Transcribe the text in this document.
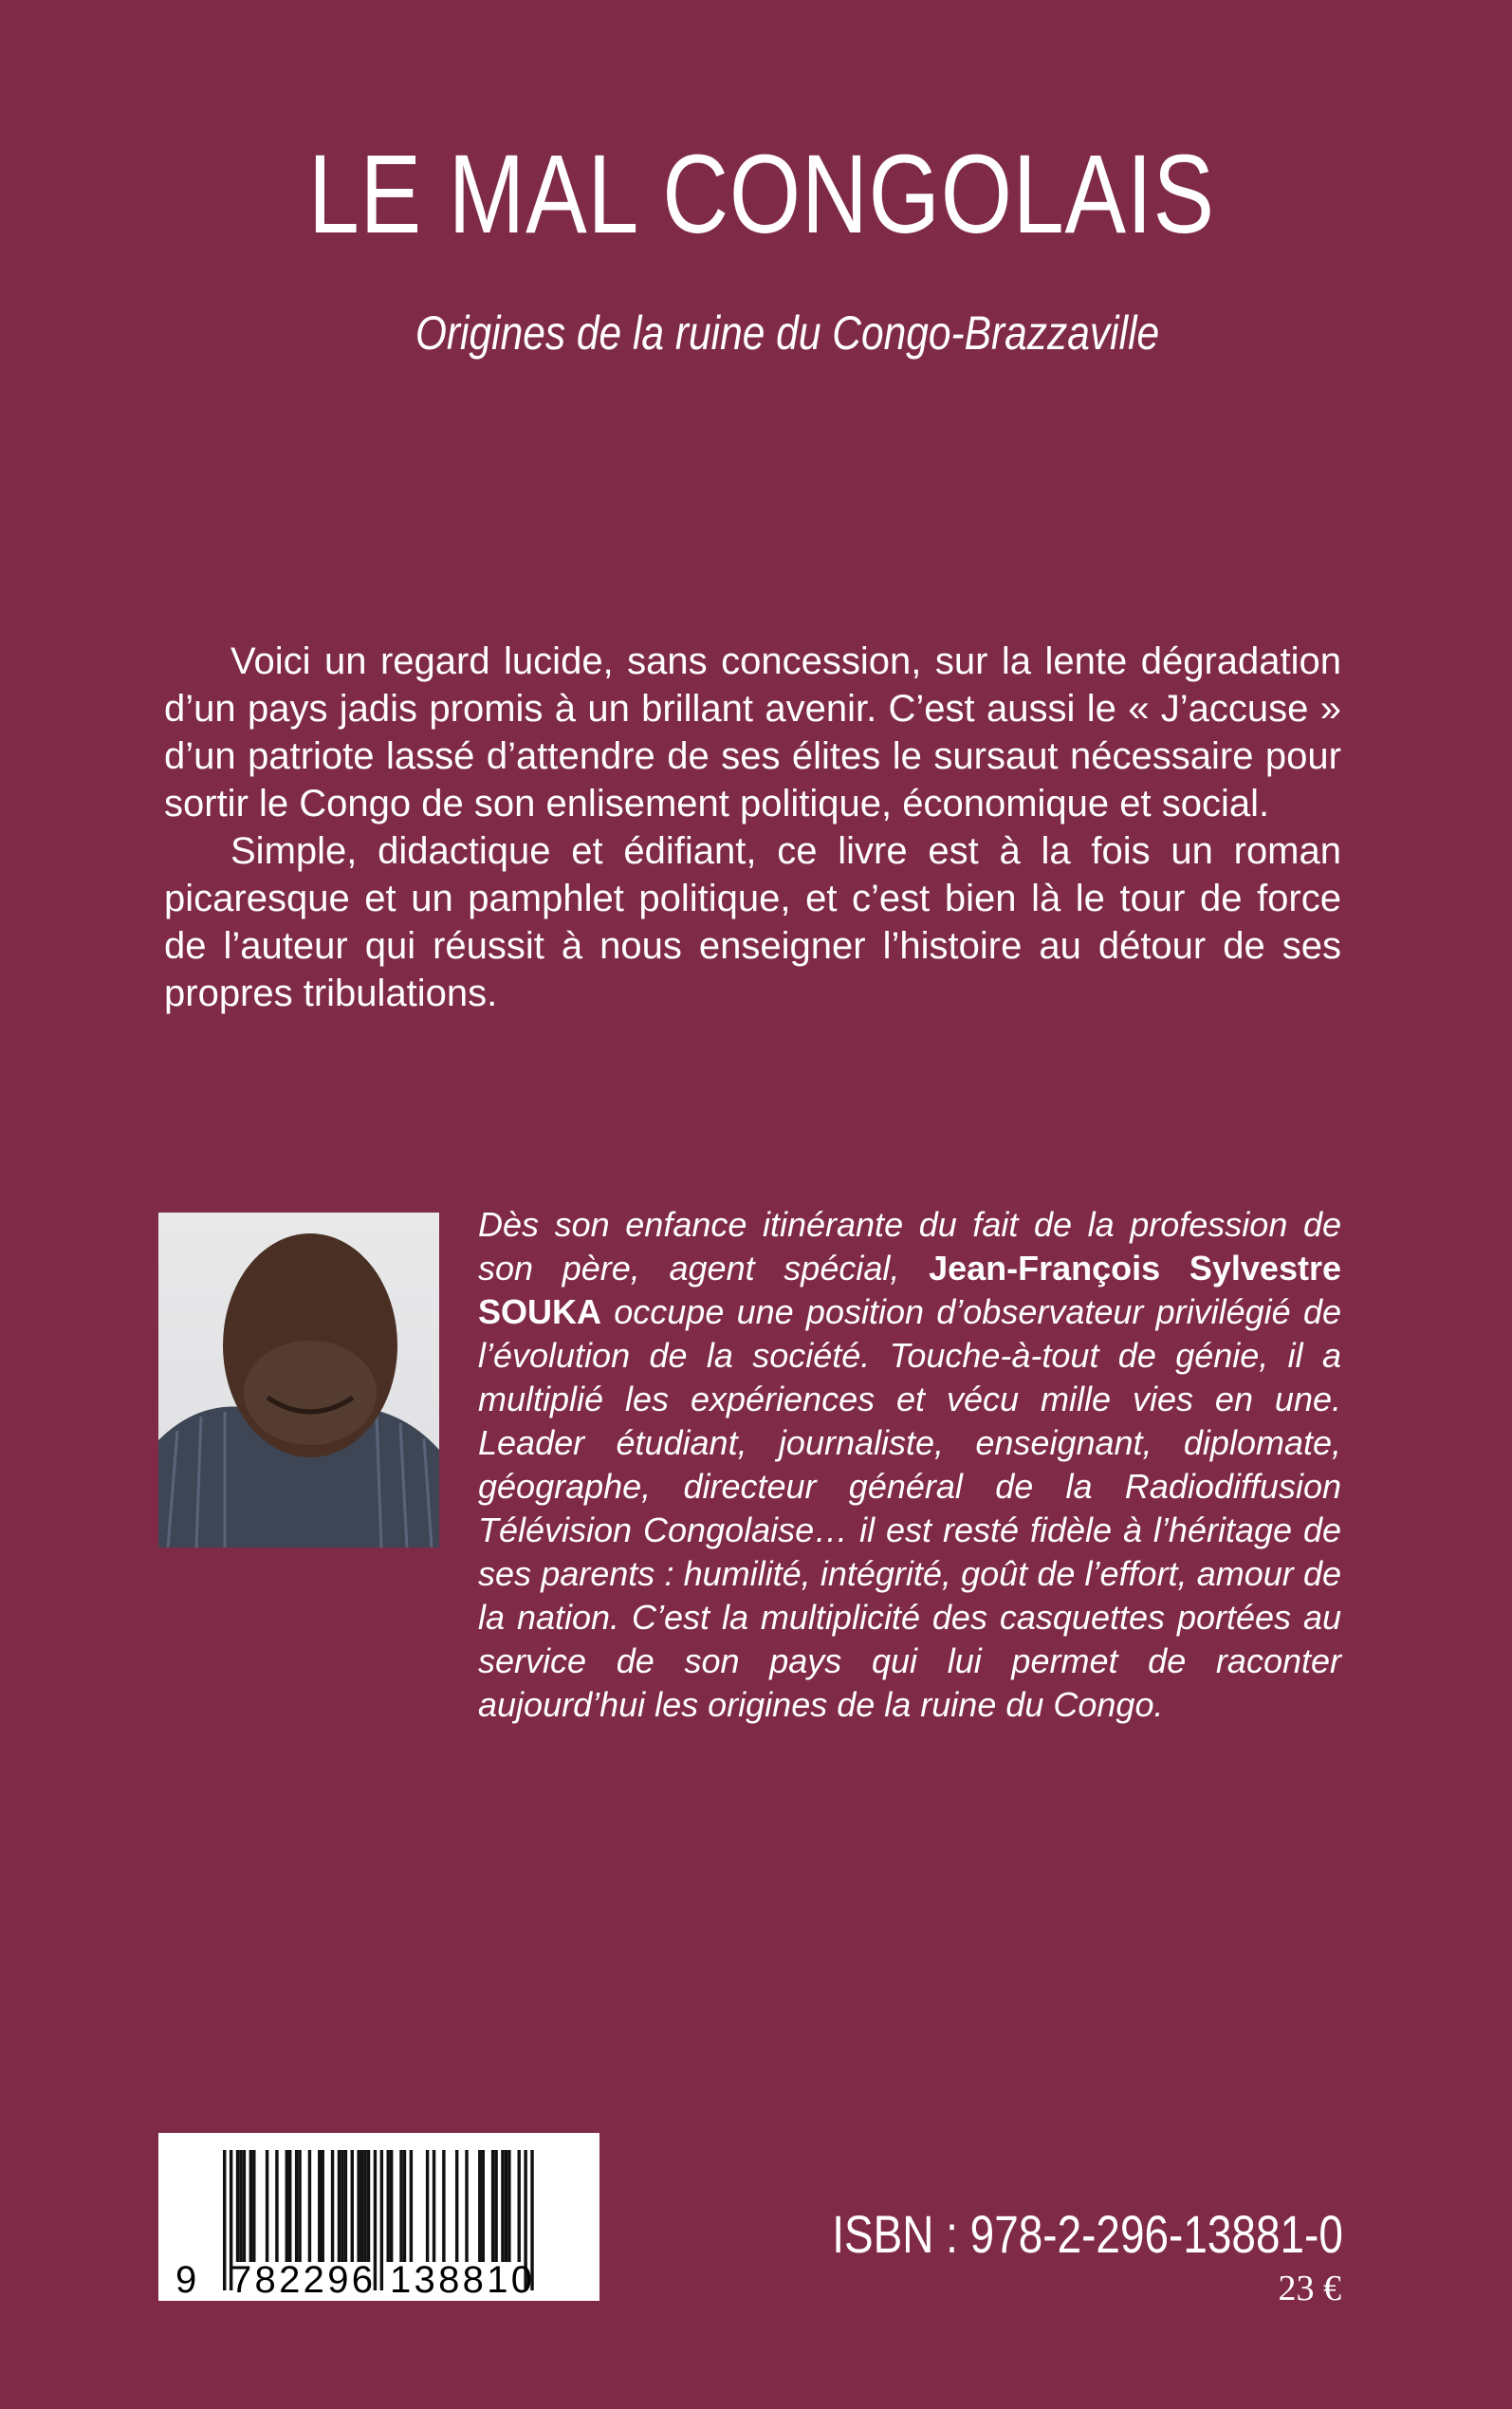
LE MAL CONGOLAIS
Origines de la ruine du Congo-Brazzaville

Voici un regard lucide, sans concession, sur la lente dégradation d’un pays jadis promis à un brillant avenir. C’est aussi le « J’accuse » d’un patriote lassé d’attendre de ses élites le sursaut nécessaire pour sortir le Congo de son enlisement politique, économique et social.

Simple, didactique et édifiant, ce livre est à la fois un roman picaresque et un pamphlet politique, et c’est bien là le tour de force de l’auteur qui réussit à nous enseigner l’histoire au détour de ses propres tribulations.

Dès son enfance itinérante du fait de la profession de son père, agent spécial, Jean-François Sylvestre SOUKA occupe une position d’observateur privilégié de l’évolution de la société. Touche-à-tout de génie, il a multiplié les expériences et vécu mille vies en une. Leader étudiant, journaliste, enseignant, diplomate, géographe, directeur général de la Radiodiffusion Télévision Congolaise… il est resté fidèle à l’héritage de ses parents : humilité, intégrité, goût de l’effort, amour de la nation. C’est la multiplicité des casquettes portées au service de son pays qui lui permet de raconter aujourd’hui les origines de la ruine du Congo.
9 782296 138810
ISBN : 978-2-296-13881-0
23 €
